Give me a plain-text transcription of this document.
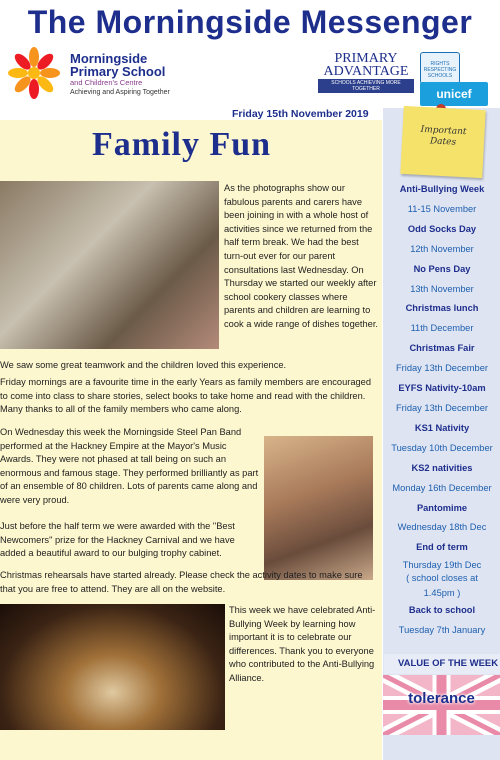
The Morningside Messenger
Morningside
Primary School
and Children's Centre
Achieving and Aspiring Together
PRIMARY
ADVANTAGE
SCHOOLS ACHIEVING MORE TOGETHER
RIGHTS RESPECTING SCHOOLS
unicef
Friday 15th November 2019
Family Fun
As the photographs show our fabulous parents and carers have been joining in with a whole host of activities since we returned from the half term break. We had the best turn-out ever for our parent consultations last Wednesday. On Thursday we started our weekly after school cookery classes where parents and children are learning to cook a wide range of dishes together.
We saw some great teamwork and the children loved this experience.
Friday mornings are a favourite time in the early Years as family members are encouraged to come into class to share stories, select books to take home and read with the children. Many thanks to all of the family members who came along.
On Wednesday this week the Morningside Steel Pan Band performed at the Hackney Empire at the Mayor's Music Awards. They were not phased at tall being on such an enormous and famous stage. They performed brilliantly as part of an ensemble of 80 children. Lots of parents came along and were very proud.
Just before the half term we were awarded with the "Best Newcomers" prize for the Hackney Carnival and we have added a beautiful award to our bulging trophy cabinet.
Christmas rehearsals have started already. Please check the activity dates to make sure that you are free to attend. They are all on the website.
This week we have celebrated Anti-Bullying Week by learning how important it is to celebrate our differences. Thank you to everyone who contributed to the Anti-Bullying Alliance.
Important
Dates
Anti-Bullying Week
11-15 November
Odd Socks Day
12th November
No Pens Day
13th November
Christmas lunch
11th December
Christmas Fair
Friday 13th December
EYFS Nativity-10am
Friday 13th December
KS1 Nativity
Tuesday 10th December
KS2 nativities
Monday 16th December
Pantomime
Wednesday 18th Dec
End of term
Thursday 19th Dec
( school closes at
1.45pm )
Back to school
Tuesday 7th January
VALUE OF THE WEEK
tolerance
